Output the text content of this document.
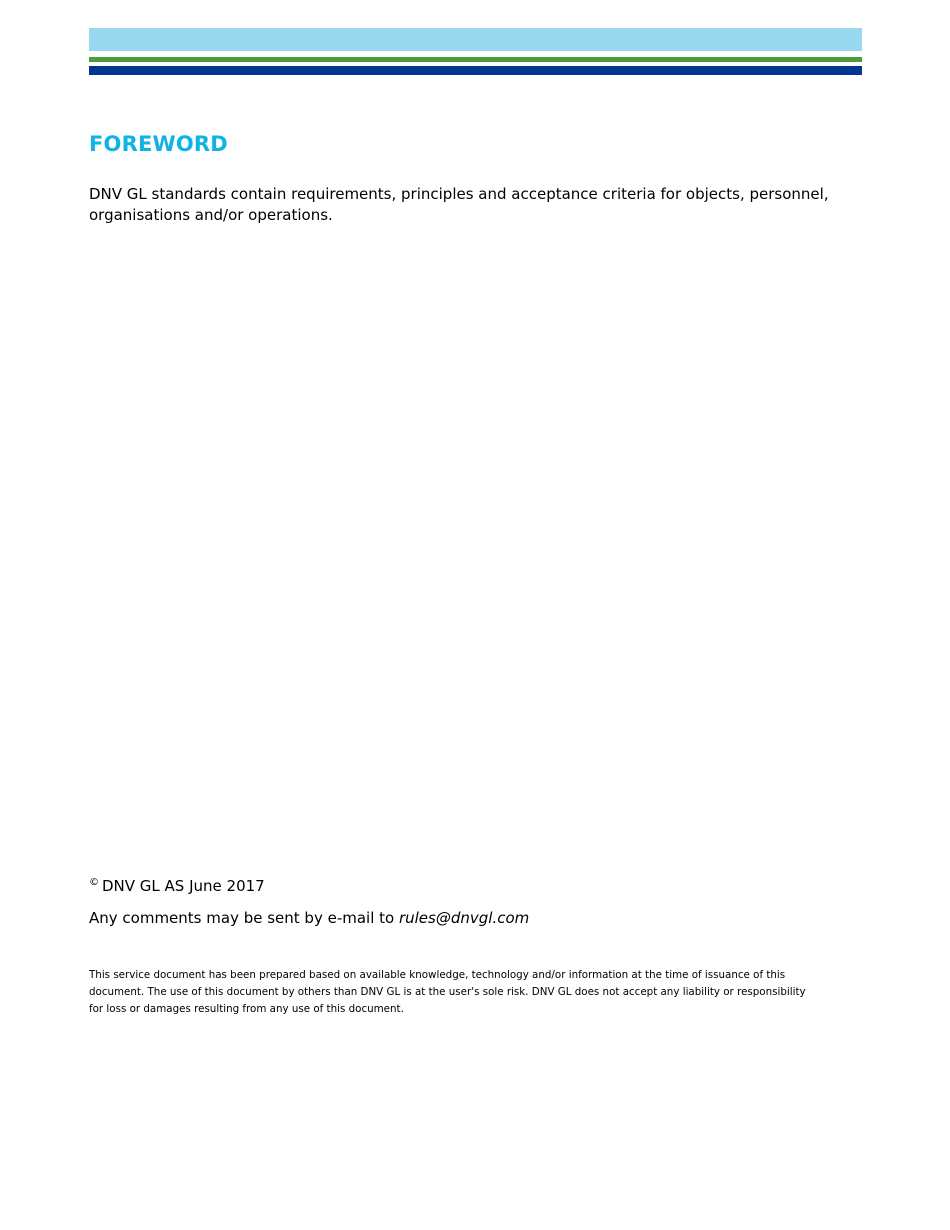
FOREWORD
DNV GL standards contain requirements, principles and acceptance criteria for objects, personnel,
organisations and/or operations.
© DNV GL AS June 2017
Any comments may be sent by e-mail to rules@dnvgl.com
This service document has been prepared based on available knowledge, technology and/or information at the time of issuance of this
document. The use of this document by others than DNV GL is at the user's sole risk. DNV GL does not accept any liability or responsibility
for loss or damages resulting from any use of this document.
